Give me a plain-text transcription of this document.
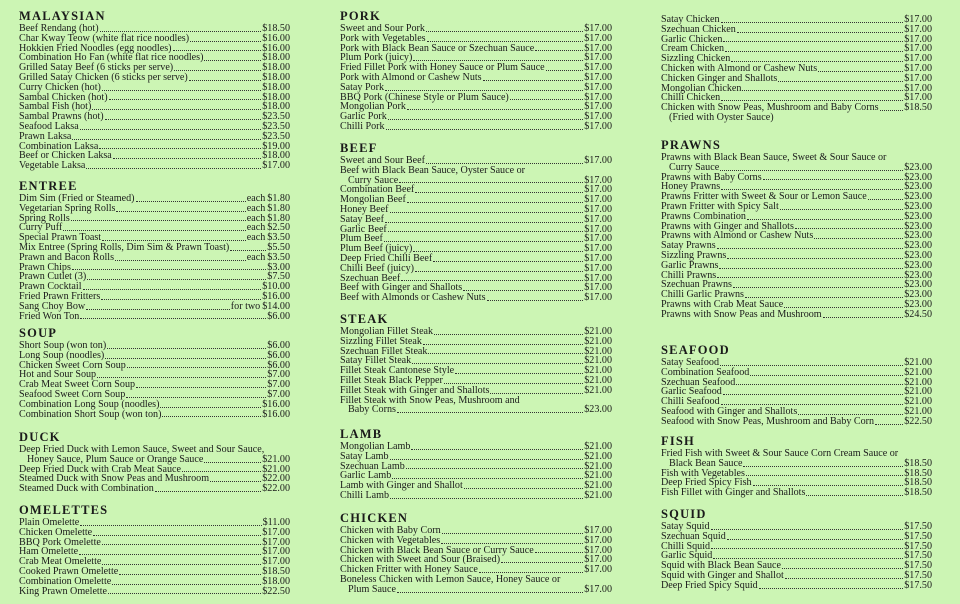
MALAYSIAN
Beef Rendang (hot)	$18.50
Char Kway Teow (white flat rice noodles)	$16.00
Hokkien Fried Noodles (egg noodles)	$16.00
Combination Ho Fan (white flat rice noodles)	$18.00
Grilled Satay Beef (6 sticks per serve)	$18.00
Grilled Satay Chicken (6 sticks per serve)	$18.00
Curry Chicken (hot)	$18.00
Sambal Chicken (hot)	$18.00
Sambal Fish (hot)	$18.00
Sambal Prawns (hot)	$23.50
Seafood Laksa	$23.50
Prawn Laksa	$23.50
Combination Laksa	$19.00
Beef or Chicken Laksa	$18.00
Vegetable Laksa	$17.00
ENTREE
Dim Sim (Fried or Steamed)	each $1.80
Vegetarian Spring Rolls	each $1.80
Spring Rolls	each $1.80
Curry Puff	each $2.50
Special Prawn Toast	each $3.50
Mix Entree (Spring Rolls, Dim Sim & Prawn Toast)	$5.50
Prawn and Bacon Rolls	each $3.50
Prawn Chips	$3.00
Prawn Cutlet (3)	$7.50
Prawn Cocktail	$10.00
Fried Prawn Fritters	$16.00
Sang Choy Bow	for two $14.00
Fried Won Ton	$6.00
SOUP
Short Soup (won ton)	$6.00
Long Soup (noodles)	$6.00
Chicken Sweet Corn Soup	$6.00
Hot and Sour Soup	$7.00
Crab Meat Sweet Corn Soup	$7.00
Seafood Sweet Corn Soup	$7.00
Combination Long Soup (noodles)	$16.00
Combination Short Soup (won ton)	$16.00
DUCK
Deep Fried Duck with Lemon Sauce, Sweet and Sour Sauce,
Honey Sauce, Plum Sauce or Orange Sauce	$21.00
Deep Fried Duck with Crab Meat Sauce	$21.00
Steamed Duck with Snow Peas and Mushroom	$22.00
Steamed Duck with Combination	$22.00
OMELETTES
Plain Omelette	$11.00
Chicken Omelette	$17.00
BBQ Pork Omelette	$17.00
Ham Omelette	$17.00
Crab Meat Omelette	$17.00
Cooked Prawn Omelette	$18.50
Combination Omelette	$18.00
King Prawn Omelette	$22.50
PORK
Sweet and Sour Pork	$17.00
Pork with Vegetables	$17.00
Pork with Black Bean Sauce or Szechuan Sauce	$17.00
Plum Pork (juicy)	$17.00
Fried Fillet Pork with Honey Sauce or Plum Sauce	$17.00
Pork with Almond or Cashew Nuts	$17.00
Satay Pork	$17.00
BBQ Pork (Chinese Style or Plum Sauce)	$17.00
Mongolian Pork	$17.00
Garlic Pork	$17.00
Chilli Pork	$17.00
BEEF
Sweet and Sour Beef	$17.00
Beef with Black Bean Sauce, Oyster Sauce or
Curry Sauce	$17.00
Combination Beef	$17.00
Mongolian Beef	$17.00
Honey Beef	$17.00
Satay Beef	$17.00
Garlic Beef	$17.00
Plum Beef	$17.00
Plum Beef (juicy)	$17.00
Deep Fried Chilli Beef	$17.00
Chilli Beef (juicy)	$17.00
Szechuan Beef	$17.00
Beef with Ginger and Shallots	$17.00
Beef with Almonds or Cashew Nuts	$17.00
STEAK
Mongolian Fillet Steak	$21.00
Sizzling Fillet Steak	$21.00
Szechuan Fillet Steak	$21.00
Satay Fillet Steak	$21.00
Fillet Steak Cantonese Style	$21.00
Fillet Steak Black Pepper	$21.00
Fillet Steak with Ginger and Shallots	$21.00
Fillet Steak with Snow Peas, Mushroom and
Baby Corns	$23.00
LAMB
Mongolian Lamb	$21.00
Satay Lamb	$21.00
Szechuan Lamb	$21.00
Garlic Lamb	$21.00
Lamb with Ginger and Shallot	$21.00
Chilli Lamb	$21.00
CHICKEN
Chicken with Baby Corn	$17.00
Chicken with Vegetables	$17.00
Chicken with Black Bean Sauce or Curry Sauce	$17.00
Chicken with Sweet and Sour (Braised)	$17.00
Chicken Fritter with Honey Sauce	$17.00
Boneless Chicken with Lemon Sauce, Honey Sauce or
Plum Sauce	$17.00
Satay Chicken	$17.00
Szechuan Chicken	$17.00
Garlic Chicken	$17.00
Cream Chicken	$17.00
Sizzling Chicken	$17.00
Chicken with Almond or Cashew Nuts	$17.00
Chicken Ginger and Shallots	$17.00
Mongolian Chicken	$17.00
Chilli Chicken	$17.00
Chicken with Snow Peas, Mushroom and Baby Corns	$18.50
(Fried with Oyster Sauce)
PRAWNS
Prawns with Black Bean Sauce, Sweet & Sour Sauce or
Curry Sauce	$23.00
Prawns with Baby Corns	$23.00
Honey Prawns	$23.00
Prawns Fritter with Sweet & Sour or Lemon Sauce	$23.00
Prawn Fritter with Spicy Salt	$23.00
Prawns Combination	$23.00
Prawns with Ginger and Shallots	$23.00
Prawns with Almond or Cashew Nuts	$23.00
Satay Prawns	$23.00
Sizzling Prawns	$23.00
Garlic Prawns	$23.00
Chilli Prawns	$23.00
Szechuan Prawns	$23.00
Chilli Garlic Prawns	$23.00
Prawns with Crab Meat Sauce	$23.00
Prawns with Snow Peas and Mushroom	$24.50
SEAFOOD
Satay Seafood	$21.00
Combination Seafood	$21.00
Szechuan Seafood	$21.00
Garlic Seafood	$21.00
Chilli Seafood	$21.00
Seafood with Ginger and Shallots	$21.00
Seafood with Snow Peas, Mushroom and Baby Corn	$22.50
FISH
Fried Fish with Sweet & Sour Sauce Corn Cream Sauce or
Black Bean Sauce	$18.50
Fish with Vegetables	$18.50
Deep Fried Spicy Fish	$18.50
Fish Fillet with Ginger and Shallots	$18.50
SQUID
Satay Squid	$17.50
Szechuan Squid	$17.50
Chilli Squid	$17.50
Garlic Squid	$17.50
Squid with Black Bean Sauce	$17.50
Squid with Ginger and Shallot	$17.50
Deep Fried Spicy Squid	$17.50
